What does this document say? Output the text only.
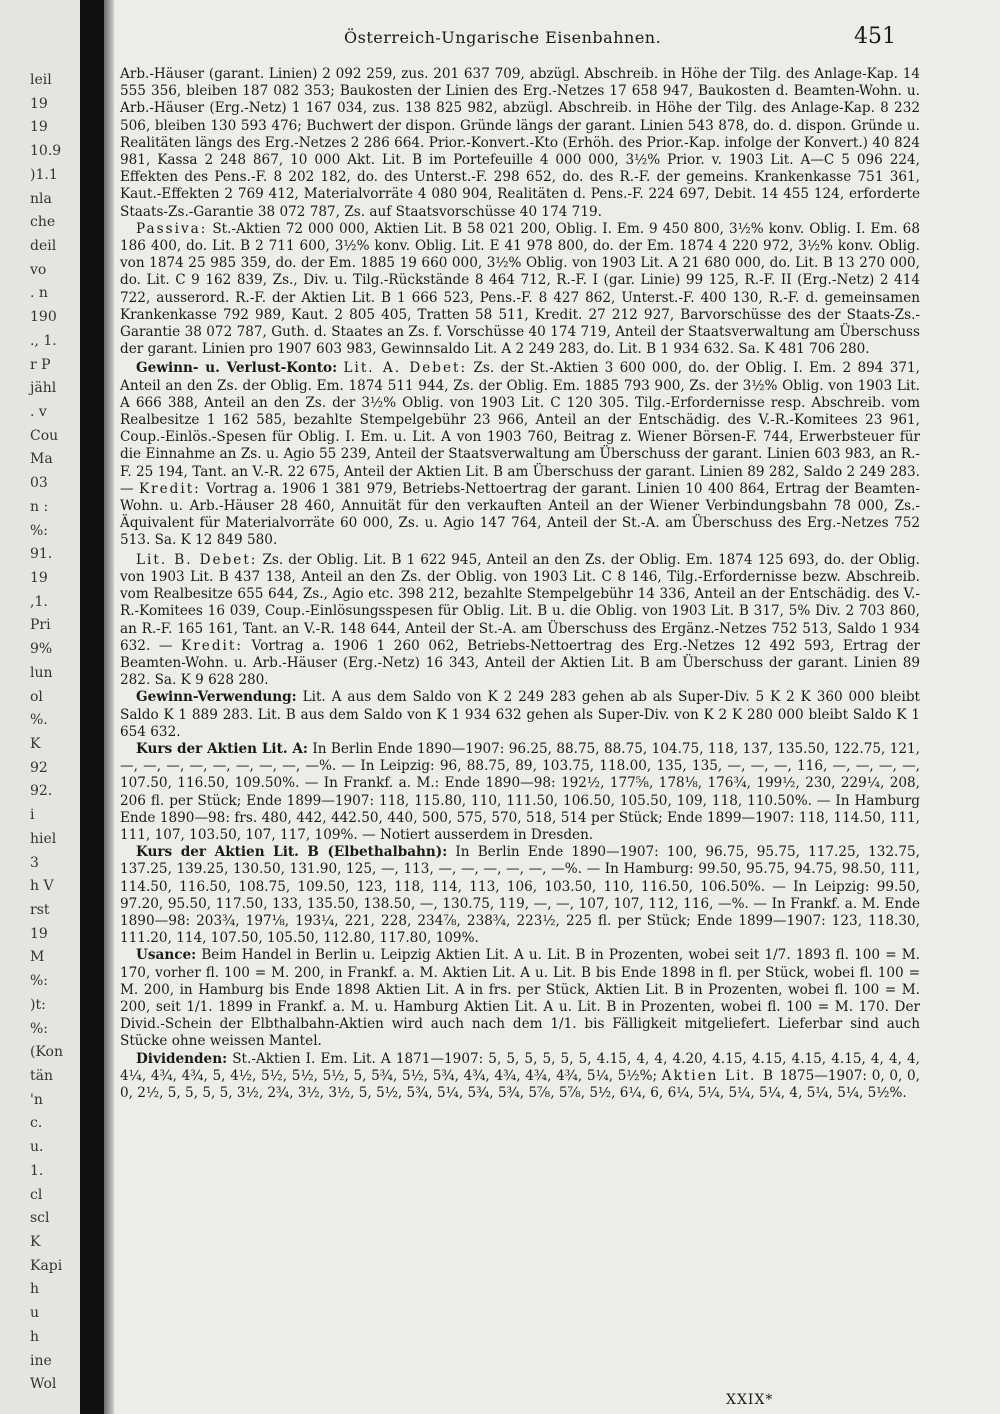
leil
19
19
10.9
)1.1
nla
che
deil
vo
. n
190
., 1.
r P
jähl
. v
Cou
Ma
03
n :
%:
91.
19
,1.
Pri
9%
lun
ol
%.
K
92
92.
i
hiel
3
h V
rst
19
M
%:
)t:
%:
(Kon
tän
'n
c.
u.
1.
cl
scl
K
Kapi
h
u
h
ine
Wol
Österreich-Ungarische Eisenbahnen.	451

Arb.-Häuser (garant. Linien) 2 092 259, zus. 201 637 709, abzügl. Abschreib. in Höhe der Tilg. des Anlage-Kap. 14 555 356, bleiben 187 082 353; Baukosten der Linien des Erg.-Netzes 17 658 947, Baukosten d. Beamten-Wohn. u. Arb.-Häuser (Erg.-Netz) 1 167 034, zus. 138 825 982, abzügl. Abschreib. in Höhe der Tilg. des Anlage-Kap. 8 232 506, bleiben 130 593 476; Buchwert der dispon. Gründe längs der garant. Linien 543 878, do. d. dispon. Gründe u. Realitäten längs des Erg.-Netzes 2 286 664. Prior.-Konvert.-Kto (Erhöh. des Prior.-Kap. infolge der Konvert.) 40 824 981, Kassa 2 248 867, 10 000 Akt. Lit. B im Portefeuille 4 000 000, 3½% Prior. v. 1903 Lit. A—C 5 096 224, Effekten des Pens.-F. 8 202 182, do. des Unterst.-F. 298 652, do. des R.-F. der gemeins. Krankenkasse 751 361, Kaut.-Effekten 2 769 412, Materialvorräte 4 080 904, Realitäten d. Pens.-F. 224 697, Debit. 14 455 124, erforderte Staats-Zs.-Garantie 38 072 787, Zs. auf Staatsvorschüsse 40 174 719.

Passiva: St.-Aktien 72 000 000, Aktien Lit. B 58 021 200, Oblig. I. Em. 9 450 800, 3½% konv. Oblig. I. Em. 68 186 400, do. Lit. B 2 711 600, 3½% konv. Oblig. Lit. E 41 978 800, do. der Em. 1874 4 220 972, 3½% konv. Oblig. von 1874 25 985 359, do. der Em. 1885 19 660 000, 3½% Oblig. von 1903 Lit. A 21 680 000, do. Lit. B 13 270 000, do. Lit. C 9 162 839, Zs., Div. u. Tilg.-Rückstände 8 464 712, R.-F. I (gar. Linie) 99 125, R.-F. II (Erg.-Netz) 2 414 722, ausserord. R.-F. der Aktien Lit. B 1 666 523, Pens.-F. 8 427 862, Unterst.-F. 400 130, R.-F. d. gemeinsamen Krankenkasse 792 989, Kaut. 2 805 405, Tratten 58 511, Kredit. 27 212 927, Barvorschüsse des der Staats-Zs.-Garantie 38 072 787, Guth. d. Staates an Zs. f. Vorschüsse 40 174 719, Anteil der Staatsverwaltung am Überschuss der garant. Linien pro 1907 603 983, Gewinnsaldo Lit. A 2 249 283, do. Lit. B 1 934 632. Sa. K 481 706 280.

Gewinn- u. Verlust-Konto: Lit. A. Debet: Zs. der St.-Aktien 3 600 000, do. der Oblig. I. Em. 2 894 371, Anteil an den Zs. der Oblig. Em. 1874 511 944, Zs. der Oblig. Em. 1885 793 900, Zs. der 3½% Oblig. von 1903 Lit. A 666 388, Anteil an den Zs. der 3½% Oblig. von 1903 Lit. C 120 305. Tilg.-Erfordernisse resp. Abschreib. vom Realbesitze 1 162 585, bezahlte Stempelgebühr 23 966, Anteil an der Entschädig. des V.-R.-Komitees 23 961, Coup.-Einlös.-Spesen für Oblig. I. Em. u. Lit. A von 1903 760, Beitrag z. Wiener Börsen-F. 744, Erwerbsteuer für die Einnahme an Zs. u. Agio 55 239, Anteil der Staatsverwaltung am Überschuss der garant. Linien 603 983, an R.-F. 25 194, Tant. an V.-R. 22 675, Anteil der Aktien Lit. B am Überschuss der garant. Linien 89 282, Saldo 2 249 283. — Kredit: Vortrag a. 1906 1 381 979, Betriebs-Nettoertrag der garant. Linien 10 400 864, Ertrag der Beamten-Wohn. u. Arb.-Häuser 28 460, Annuität für den verkauften Anteil an der Wiener Verbindungsbahn 78 000, Zs.-Äquivalent für Materialvorräte 60 000, Zs. u. Agio 147 764, Anteil der St.-A. am Überschuss des Erg.-Netzes 752 513. Sa. K 12 849 580.

Lit. B. Debet: Zs. der Oblig. Lit. B 1 622 945, Anteil an den Zs. der Oblig. Em. 1874 125 693, do. der Oblig. von 1903 Lit. B 437 138, Anteil an den Zs. der Oblig. von 1903 Lit. C 8 146, Tilg.-Erfordernisse bezw. Abschreib. vom Realbesitze 655 644, Zs., Agio etc. 398 212, bezahlte Stempelgebühr 14 336, Anteil an der Entschädig. des V.-R.-Komitees 16 039, Coup.-Einlösungsspesen für Oblig. Lit. B u. die Oblig. von 1903 Lit. B 317, 5% Div. 2 703 860, an R.-F. 165 161, Tant. an V.-R. 148 644, Anteil der St.-A. am Überschuss des Ergänz.-Netzes 752 513, Saldo 1 934 632. — Kredit: Vortrag a. 1906 1 260 062, Betriebs-Nettoertrag des Erg.-Netzes 12 492 593, Ertrag der Beamten-Wohn. u. Arb.-Häuser (Erg.-Netz) 16 343, Anteil der Aktien Lit. B am Überschuss der garant. Linien 89 282. Sa. K 9 628 280.

Gewinn-Verwendung: Lit. A aus dem Saldo von K 2 249 283 gehen ab als Super-Div. 5 K 2 K 360 000 bleibt Saldo K 1 889 283. Lit. B aus dem Saldo von K 1 934 632 gehen als Super-Div. von K 2 K 280 000 bleibt Saldo K 1 654 632.

Kurs der Aktien Lit. A: In Berlin Ende 1890—1907: 96.25, 88.75, 88.75, 104.75, 118, 137, 135.50, 122.75, 121, —, —, —, —, —, —, —, —, —%. — In Leipzig: 96, 88.75, 89, 103.75, 118.00, 135, 135, —, —, —, 116, —, —, —, —, 107.50, 116.50, 109.50%. — In Frankf. a. M.: Ende 1890—98: 192½, 177⅝, 178⅛, 176¾, 199½, 230, 229¼, 208, 206 fl. per Stück; Ende 1899—1907: 118, 115.80, 110, 111.50, 106.50, 105.50, 109, 118, 110.50%. — In Hamburg Ende 1890—98: frs. 480, 442, 442.50, 440, 500, 575, 570, 518, 514 per Stück; Ende 1899—1907: 118, 114.50, 111, 111, 107, 103.50, 107, 117, 109%. — Notiert ausserdem in Dresden.

Kurs der Aktien Lit. B (Elbethalbahn): In Berlin Ende 1890—1907: 100, 96.75, 95.75, 117.25, 132.75, 137.25, 139.25, 130.50, 131.90, 125, —, 113, —, —, —, —, —, —%. — In Hamburg: 99.50, 95.75, 94.75, 98.50, 111, 114.50, 116.50, 108.75, 109.50, 123, 118, 114, 113, 106, 103.50, 110, 116.50, 106.50%. — In Leipzig: 99.50, 97.20, 95.50, 117.50, 133, 135.50, 138.50, —, 130.75, 119, —, —, 107, 107, 112, 116, —%. — In Frankf. a. M. Ende 1890—98: 203¾, 197⅛, 193¼, 221, 228, 234⅞, 238¾, 223½, 225 fl. per Stück; Ende 1899—1907: 123, 118.30, 111.20, 114, 107.50, 105.50, 112.80, 117.80, 109%.

Usance: Beim Handel in Berlin u. Leipzig Aktien Lit. A u. Lit. B in Prozenten, wobei seit 1/7. 1893 fl. 100 = M. 170, vorher fl. 100 = M. 200, in Frankf. a. M. Aktien Lit. A u. Lit. B bis Ende 1898 in fl. per Stück, wobei fl. 100 = M. 200, in Hamburg bis Ende 1898 Aktien Lit. A in frs. per Stück, Aktien Lit. B in Prozenten, wobei fl. 100 = M. 200, seit 1/1. 1899 in Frankf. a. M. u. Hamburg Aktien Lit. A u. Lit. B in Prozenten, wobei fl. 100 = M. 170. Der Divid.-Schein der Elbthalbahn-Aktien wird auch nach dem 1/1. bis Fälligkeit mitgeliefert. Lieferbar sind auch Stücke ohne weissen Mantel.

Dividenden: St.-Aktien I. Em. Lit. A 1871—1907: 5, 5, 5, 5, 5, 5, 4.15, 4, 4, 4.20, 4.15, 4.15, 4.15, 4.15, 4, 4, 4, 4¼, 4¾, 4¾, 5, 4½, 5½, 5½, 5½, 5, 5¾, 5½, 5¾, 4¾, 4¾, 4¾, 4¾, 5¼, 5½%; Aktien Lit. B 1875—1907: 0, 0, 0, 0, 2½, 5, 5, 5, 5, 3½, 2¾, 3½, 3½, 5, 5½, 5¾, 5¼, 5¾, 5¾, 5⅞, 5⅞, 5½, 6¼, 6, 6¼, 5¼, 5¼, 5¼, 4, 5¼, 5¼, 5½%.

XXIX*
